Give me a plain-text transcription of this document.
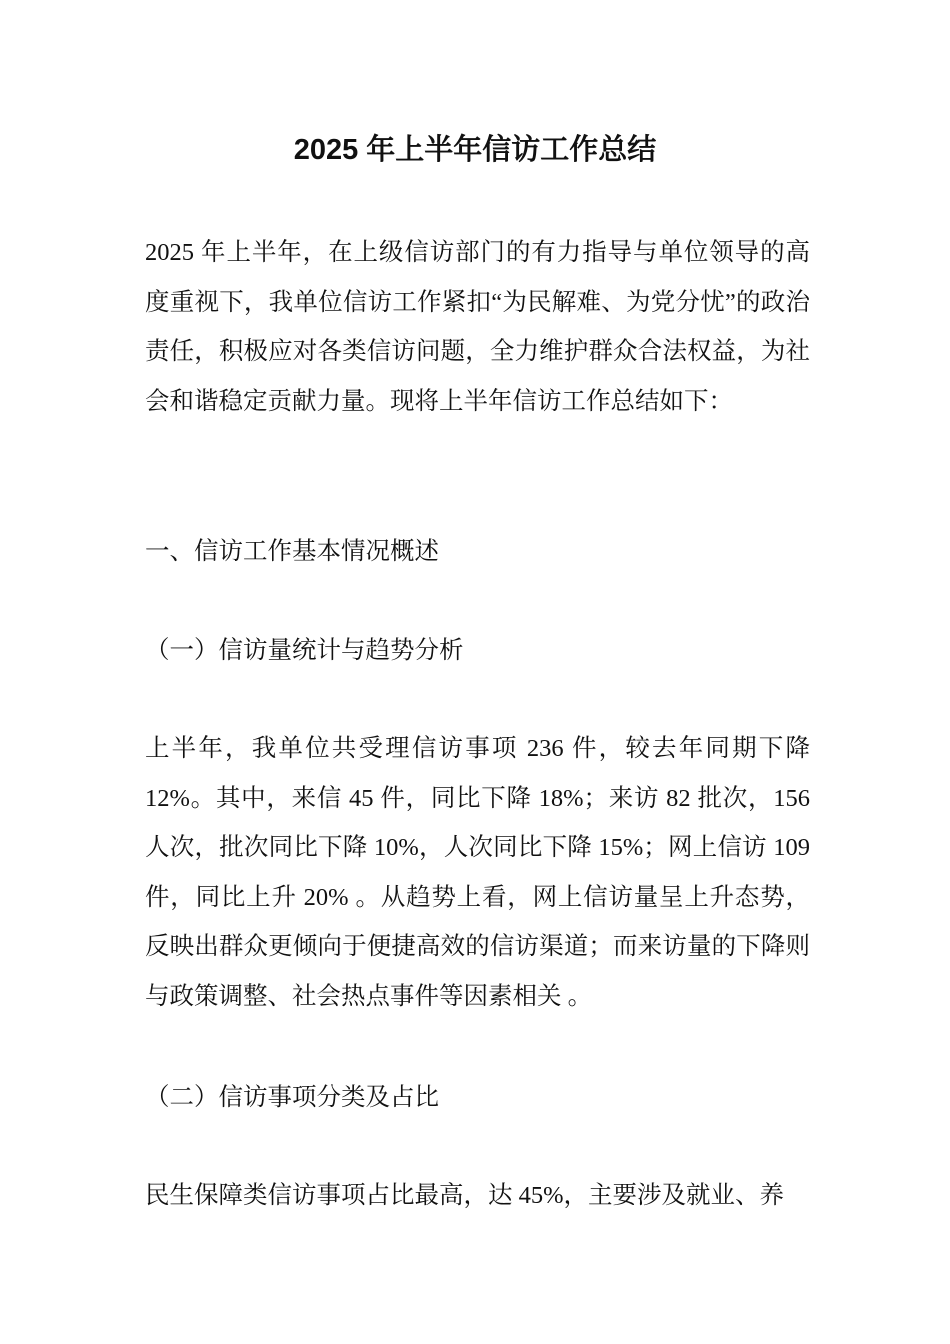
2025 年上半年信访工作总结

2025 年上半年，在上级信访部门的有力指导与单位领导的高度重视下，我单位信访工作紧扣“为民解难、为党分忧”的政治责任，积极应对各类信访问题，全力维护群众合法权益，为社会和谐稳定贡献力量。现将上半年信访工作总结如下：

一、信访工作基本情况概述

（一）信访量统计与趋势分析

上半年，我单位共受理信访事项 236 件，较去年同期下降 12%。其中，来信 45 件，同比下降 18%；来访 82 批次，156 人次，批次同比下降 10%，人次同比下降 15%；网上信访 109 件，同比上升 20% 。从趋势上看，网上信访量呈上升态势，反映出群众更倾向于便捷高效的信访渠道；而来访量的下降则与政策调整、社会热点事件等因素相关 。

（二）信访事项分类及占比

民生保障类信访事项占比最高，达 45%，主要涉及就业、养
